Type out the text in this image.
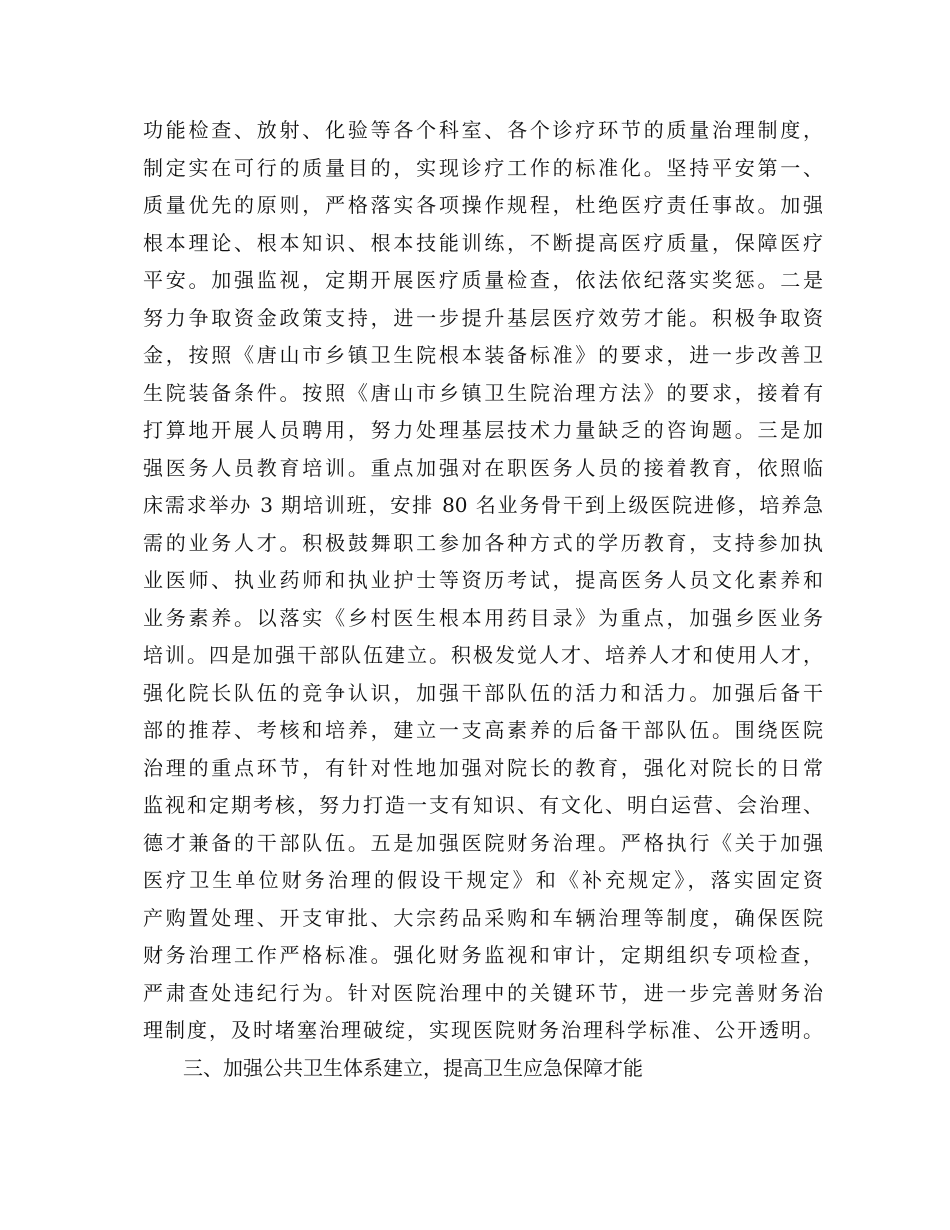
功能检查、放射、化验等各个科室、各个诊疗环节的质量治理制度，
制定实在可行的质量目的，实现诊疗工作的标准化。坚持平安第一、
质量优先的原则，严格落实各项操作规程，杜绝医疗责任事故。加强
根本理论、根本知识、根本技能训练，不断提高医疗质量，保障医疗
平安。加强监视，定期开展医疗质量检查，依法依纪落实奖惩。二是
努力争取资金政策支持，进一步提升基层医疗效劳才能。积极争取资
金，按照《唐山市乡镇卫生院根本装备标准》的要求，进一步改善卫
生院装备条件。按照《唐山市乡镇卫生院治理方法》的要求，接着有
打算地开展人员聘用，努力处理基层技术力量缺乏的咨询题。三是加
强医务人员教育培训。重点加强对在职医务人员的接着教育，依照临
床需求举办 3 期培训班，安排 80 名业务骨干到上级医院进修，培养急
需的业务人才。积极鼓舞职工参加各种方式的学历教育，支持参加执
业医师、执业药师和执业护士等资历考试，提高医务人员文化素养和
业务素养。以落实《乡村医生根本用药目录》为重点，加强乡医业务
培训。四是加强干部队伍建立。积极发觉人才、培养人才和使用人才，
强化院长队伍的竞争认识，加强干部队伍的活力和活力。加强后备干
部的推荐、考核和培养，建立一支高素养的后备干部队伍。围绕医院
治理的重点环节，有针对性地加强对院长的教育，强化对院长的日常
监视和定期考核，努力打造一支有知识、有文化、明白运营、会治理、
德才兼备的干部队伍。五是加强医院财务治理。严格执行《关于加强
医疗卫生单位财务治理的假设干规定》和《补充规定》，落实固定资
产购置处理、开支审批、大宗药品采购和车辆治理等制度，确保医院
财务治理工作严格标准。强化财务监视和审计，定期组织专项检查，
严肃查处违纪行为。针对医院治理中的关键环节，进一步完善财务治
理制度，及时堵塞治理破绽，实现医院财务治理科学标准、公开透明。
三、加强公共卫生体系建立，提高卫生应急保障才能
